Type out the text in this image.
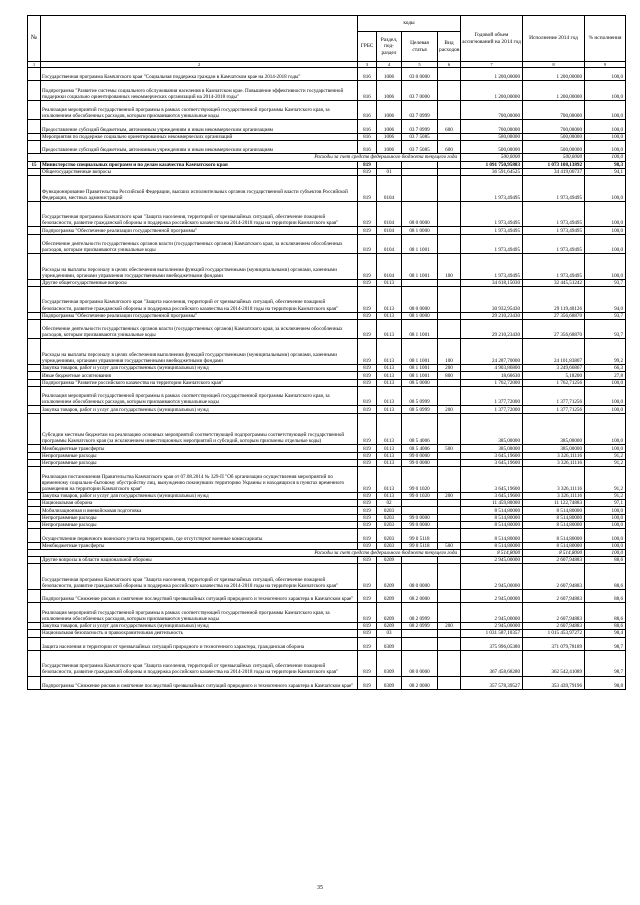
№		коды				Годовой объем ассигнований на 2014 год	Исполнение 2014 год	% исполнения
		ГРБС	Раздел, под-раздел	Целевая статья	Вид расходов			
1	2	3	4	5	6	7	8	9
	Государственная программа Камчатского края "Социальная поддержка граждан в Камчатском крае на 2014-2018 годы"	816	1006	03 0 0000		1 200,00000	1 200,00000	100,0
	Подпрограмма "Развитие системы социального обслуживания населения в Камчатском крае. Повышение эффективности государственной поддержки социально ориентированных некоммерческих организаций на 2014-2018 годы"	816	1006	03 7 0000		1 200,00000	1 200,00000	100,0
	Реализация мероприятий государственной программы в рамках соответствующей государственной программы Камчатского края, за исключением обособленных расходов, которым присваиваются уникальные коды	816	1006	03 7 0999		700,00000	700,00000	100,0
	Предоставление субсидий бюджетным, автономным учреждениям и иным некоммерческим организациям	816	1006	03 7 0999	600	700,00000	700,00000	100,0
	Мероприятия по поддержке социально ориентированных некоммерческих организаций	816	1006	03 7 5085		500,00000	500,00000	100,0
	Предоставление субсидий бюджетным, автономным учреждениям и иным некоммерческим организациям	816	1006	03 7 5085	600	500,00000	500,00000	100,0
Расходы за счет средств федерального бюджета текущего года						500,0000	500,0000	100,0
15	Министерство специальных программ и по делам казачества Камчатского края	819				1 091 750,95883	1 073 108,13892	98,3
	Общегосударственные вопросы	819	01			36 591,64525	34 419,00737	94,1
	Функционирование Правительства Российской Федерации, высших исполнительных органов государственной власти субъектов Российской Федерации, местных администраций	819	0104			1 973,49495	1 973,49495	100,0
	Государственная программа Камчатского края "Защита населения, территорий от чрезвычайных ситуаций, обеспечение пожарной безопасности, развитие гражданской обороны и поддержка российского казачества на 2014-2018 годы на территории Камчатского края"	819	0104	08 0 0000		1 973,49495	1 973,49495	100,0
	Подпрограмма "Обеспечение реализации государственной программы"	819	0104	08 1 0000		1 973,49495	1 973,49495	100,0
	Обеспечение деятельности государственных органов власти (государственных органов) Камчатского края, за исключением обособленных расходов, которым присваиваются уникальные коды	819	0104	08 1 1001		1 973,49495	1 973,49495	100,0
	Расходы на выплаты персоналу в целях обеспечения выполнения функций государственными (муниципальными) органами, казенными учреждениями, органами управления государственными внебюджетными фондами	819	0104	08 1 1001	100	1 973,49495	1 973,49495	100,0
	Другие общегосударственные вопросы	819	0113			34 618,15030	32 445,51242	93,7
	Государственная программа Камчатского края "Защита населения, территорий от чрезвычайных ситуаций, обеспечение пожарной безопасности, развитие гражданской обороны и поддержка российского казачества на 2014-2018 годы на территории Камчатского края"	819	0113	08 0 0000		30 932,95430	29 119,40126	94,0
	Подпрограмма "Обеспечение реализации государственной программы"	819	0113	08 1 0000		29 210,23430	27 356,68870	93,7
	Обеспечение деятельности государственных органов власти (государственных органов) Камчатского края, за исключением обособленных расходов, которым присваиваются уникальные коды	819	0113	08 1 1001		29 210,23430	27 356,68870	93,7
	Расходы на выплаты персоналу в целях обеспечения выполнения функций государственными (муниципальными) органами, казенными учреждениями, органами управления государственными внебюджетными фондами	819	0113	08 1 1001	100	24 287,70000	24 101,83807	99,2
	Закупка товаров, работ и услуг для государственных (муниципальных) нужд	819	0113	08 1 1001	200	4 903,86800	3 249,66867	66,3
	Иные бюджетные ассигнования	819	0113	08 1 1001	800	18,66630	5,18200	27,8
	Подпрограмма "Развитие российского казачества на территории Камчатского края"	819	0113	08 5 0000		1 762,72000	1 762,71256	100,0
	Реализация мероприятий государственной программы в рамках соответствующей государственной программы Камчатского края, за исключением обособленных расходов, которым присваиваются уникальные коды	819	0113	08 5 0999		1 377,72000	1 377,71256	100,0
	Закупка товаров, работ и услуг для государственных (муниципальных) нужд	819	0113	08 5 0999	200	1 377,72000	1 377,71256	100,0
	Субсидии местным бюджетам на реализацию основных мероприятий соответствующей подпрограммы соответствующей государственной программы Камчатского края (за исключением инвестиционных мероприятий и субсидий, которым присвоены отдельные коды)	819	0113	08 5 4006		385,00000	385,00000	100,0
	Межбюджетные трансферты	819	0113	08 5 4006	500	385,00000	385,00000	100,0
	Непрограммные расходы	819	0113	99 0 0000		3 645,19600	3 326,11116	91,2
	Непрограммные расходы	819	0113	99 0 0000		3 645,19600	3 326,11116	91,2
	Реализация постановления Правительства Камчатского края от 07.08.2014 № 329-П "Об организации осуществления мероприятий по временному социально-бытовому обустройству лиц, вынужденно покинувших территорию Украины и находящихся в пунктах временного размещения на территории Камчатского края"	819	0113	99 0 1020		3 645,19600	3 326,11116	91,2
	Закупка товаров, работ и услуг для государственных (муниципальных) нужд	819	0113	99 0 1020	200	3 645,19600	3 326,11116	91,2
	Национальная оборона	819	02			11 459,80000	11 122,74883	97,1
	Мобилизационная и вневойсковая подготовка	819	0203			8 514,80000	8 514,80000	100,0
	Непрограммные расходы	819	0203	99 0 0000		8 514,80000	8 514,80000	100,0
	Непрограммные расходы	819	0203	99 0 0000		8 514,80000	8 514,80000	100,0
	Осуществление первичного воинского учета на территориях, где отсутствуют военные комиссариаты	819	0203	99 0 5118		8 514,80000	8 514,80000	100,0
	Межбюджетные трансферты	819	0203	99 0 5118	500	8 514,80000	8 514,80000	100,0
Расходы за счет средств федерального бюджета текущего года						8 514,8000	8 514,8000	100,0
	Другие вопросы в области национальной обороны	819	0209			2 945,00000	2 607,94883	88,6
	Государственная программа Камчатского края "Защита населения, территорий от чрезвычайных ситуаций, обеспечение пожарной безопасности, развитие гражданской обороны и поддержка российского казачества на 2014-2018 годы на территории Камчатского края"	819	0209	08 0 0000		2 945,00000	2 607,94883	88,6
	Подпрограмма "Снижение рисков и смягчение последствий чрезвычайных ситуаций природного и техногенного характера в Камчатском крае"	819	0209	08 2 0000		2 945,00000	2 607,94883	88,6
	Реализация мероприятий государственной программы в рамках соответствующей государственной программы Камчатского края, за исключением обособленных расходов, которым присваиваются уникальные коды	819	0209	08 2 0999		2 945,00000	2 607,94883	88,6
	Закупка товаров, работ и услуг для государственных (муниципальных) нужд	819	0209	08 2 0999	200	2 945,00000	2 607,94883	88,6
	Национальная безопасность и правоохранительная деятельность	819	03			1 031 587,10357	1 015 453,97272	98,4
	Защита населения и территории от чрезвычайных ситуаций природного и техногенного характера, гражданская оборона	819	0309			375 996,05380	371 079,78189	98,7
	Государственная программа Камчатского края "Защита населения, территорий от чрезвычайных ситуаций, обеспечение пожарной безопасности, развитие гражданской обороны и поддержка российского казачества на 2014-2018 годы на территории Камчатского края"	819	0309	08 0 0000		367 458,68280	362 542,41089	98,7
	Подпрограмма "Снижение рисков и смягчение последствий чрезвычайных ситуаций природного и техногенного характера в Камчатском крае"	819	0309	08 2 0000		357 578,39527	353 439,79196	98,8
35
